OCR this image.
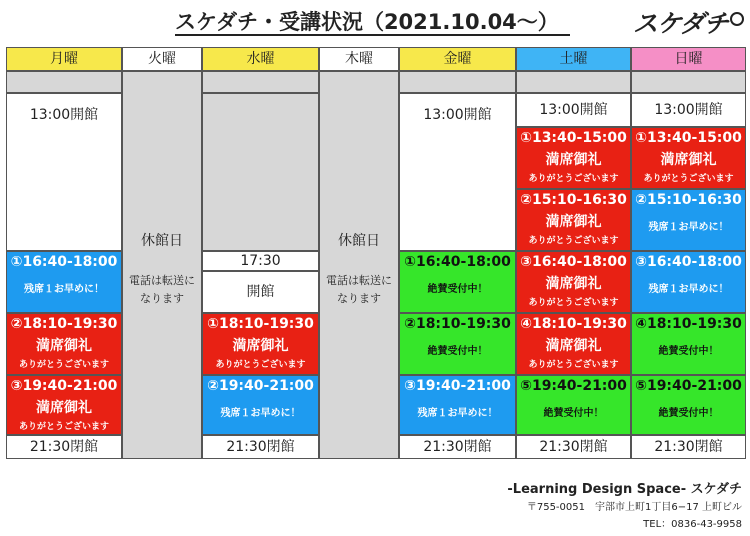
スケダチ・受講状況（2021.10.04〜）	スケダチ
月曜
13:00開館
①16:40-18:00
残席１お早めに！
②18:10-19:30
満席御礼
ありがとうございます
③19:40-21:00
満席御礼
ありがとうございます
21:30閉館
火曜
休館日
電話は転送に
なります
水曜
17:30
開館
①18:10-19:30
満席御礼
ありがとうございます
②19:40-21:00
残席１お早めに！
21:30閉館
木曜
休館日
電話は転送に
なります
金曜
13:00開館
①16:40-18:00
絶賛受付中！
②18:10-19:30
絶賛受付中！
③19:40-21:00
残席１お早めに！
21:30閉館
土曜
13:00開館
①13:40-15:00
満席御礼
ありがとうございます
②15:10-16:30
満席御礼
ありがとうございます
③16:40-18:00
満席御礼
ありがとうございます
④18:10-19:30
満席御礼
ありがとうございます
⑤19:40-21:00
絶賛受付中！
21:30閉館
日曜
13:00開館
①13:40-15:00
満席御礼
ありがとうございます
②15:10-16:30
残席１お早めに！
③16:40-18:00
残席１お早めに！
④18:10-19:30
絶賛受付中！
⑤19:40-21:00
絶賛受付中！
21:30閉館
-Learning Design Space- スケダチ
〒755-0051　宇部市上町1丁目6−17 上町ビル
TEL：0836-43-9958
